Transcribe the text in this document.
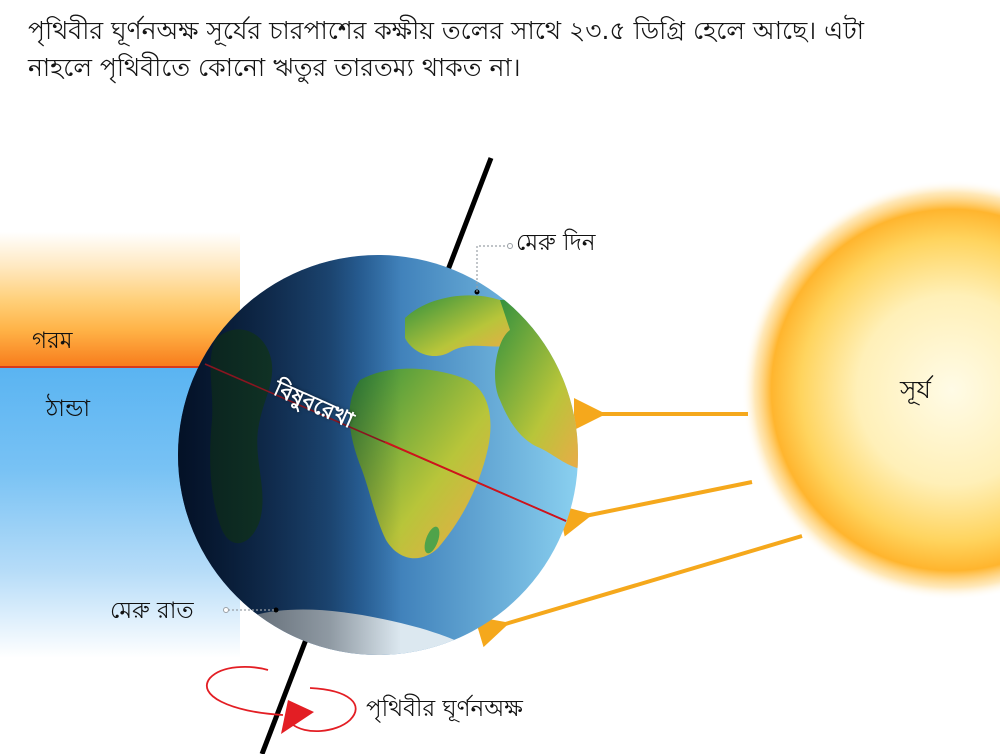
পৃথিবীর ঘূর্ণনঅক্ষ সূর্যের চারপাশের কক্ষীয় তলের সাথে ২৩.৫ ডিগ্রি হেলে আছে। এটা নাহলে পৃথিবীতে কোনো ঋতুর তারতম্য থাকত না।

গরম
ঠান্ডা
মেরু দিন
মেরু রাত
বিষুবরেখা	সূর্য
পৃথিবীর ঘূর্ণনঅক্ষ
